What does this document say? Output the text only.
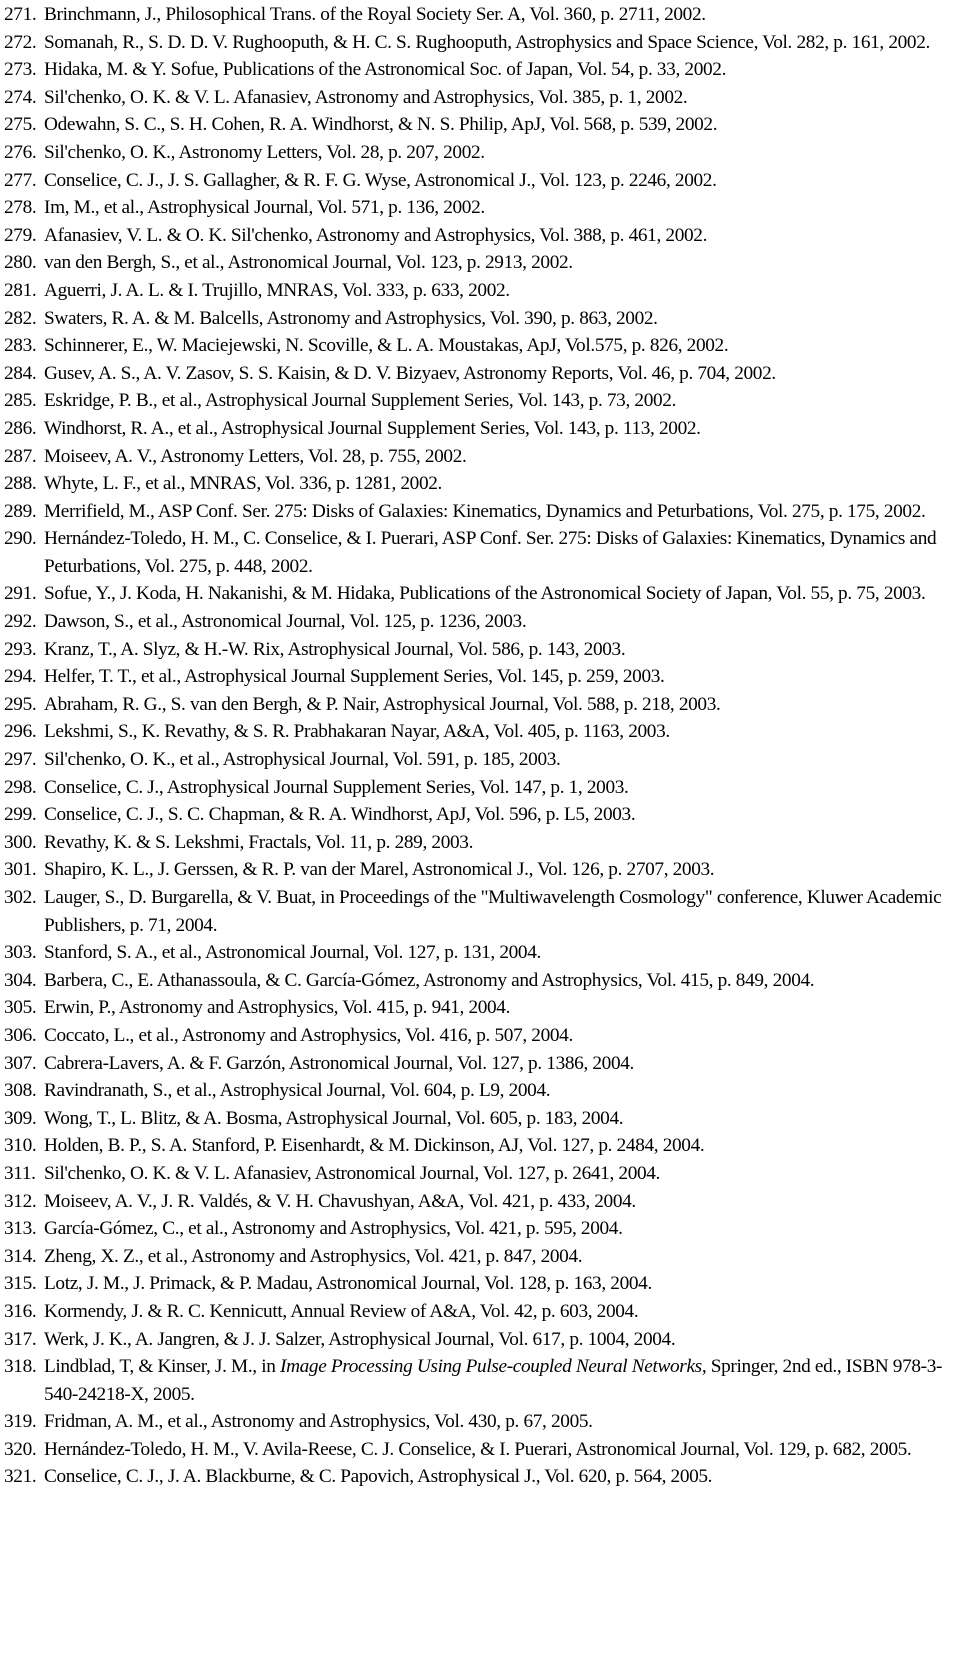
271. Brinchmann, J., Philosophical Trans. of the Royal Society Ser. A, Vol. 360, p. 2711, 2002.
272. Somanah, R., S. D. D. V. Rughooputh, & H. C. S. Rughooputh, Astrophysics and Space Science, Vol. 282, p. 161, 2002.
273. Hidaka, M. & Y. Sofue, Publications of the Astronomical Soc. of Japan, Vol. 54, p. 33, 2002.
274. Sil'chenko, O. K. & V. L. Afanasiev, Astronomy and Astrophysics, Vol. 385, p. 1, 2002.
275. Odewahn, S. C., S. H. Cohen, R. A. Windhorst, & N. S. Philip, ApJ, Vol. 568, p. 539, 2002.
276. Sil'chenko, O. K., Astronomy Letters, Vol. 28, p. 207, 2002.
277. Conselice, C. J., J. S. Gallagher, & R. F. G. Wyse, Astronomical J., Vol. 123, p. 2246, 2002.
278. Im, M., et al., Astrophysical Journal, Vol. 571, p. 136, 2002.
279. Afanasiev, V. L. & O. K. Sil'chenko, Astronomy and Astrophysics, Vol. 388, p. 461, 2002.
280. van den Bergh, S., et al., Astronomical Journal, Vol. 123, p. 2913, 2002.
281. Aguerri, J. A. L. & I. Trujillo, MNRAS, Vol. 333, p. 633, 2002.
282. Swaters, R. A. & M. Balcells, Astronomy and Astrophysics, Vol. 390, p. 863, 2002.
283. Schinnerer, E., W. Maciejewski, N. Scoville, & L. A. Moustakas, ApJ, Vol.575, p. 826, 2002.
284. Gusev, A. S., A. V. Zasov, S. S. Kaisin, & D. V. Bizyaev, Astronomy Reports, Vol. 46, p. 704, 2002.
285. Eskridge, P. B., et al., Astrophysical Journal Supplement Series, Vol. 143, p. 73, 2002.
286. Windhorst, R. A., et al., Astrophysical Journal Supplement Series, Vol. 143, p. 113, 2002.
287. Moiseev, A. V., Astronomy Letters, Vol. 28, p. 755, 2002.
288. Whyte, L. F., et al., MNRAS, Vol. 336, p. 1281, 2002.
289. Merrifield, M., ASP Conf. Ser. 275: Disks of Galaxies: Kinematics, Dynamics and Peturbations, Vol. 275, p. 175, 2002.
290. Hernández-Toledo, H. M., C. Conselice, & I. Puerari, ASP Conf. Ser. 275: Disks of Galaxies: Kinematics, Dynamics and Peturbations, Vol. 275, p. 448, 2002.
291. Sofue, Y., J. Koda, H. Nakanishi, & M. Hidaka, Publications of the Astronomical Society of Japan, Vol. 55, p. 75, 2003.
292. Dawson, S., et al., Astronomical Journal, Vol. 125, p. 1236, 2003.
293. Kranz, T., A. Slyz, & H.-W. Rix, Astrophysical Journal, Vol. 586, p. 143, 2003.
294. Helfer, T. T., et al., Astrophysical Journal Supplement Series, Vol. 145, p. 259, 2003.
295. Abraham, R. G., S. van den Bergh, & P. Nair, Astrophysical Journal, Vol. 588, p. 218, 2003.
296. Lekshmi, S., K. Revathy, & S. R. Prabhakaran Nayar, A&A, Vol. 405, p. 1163, 2003.
297. Sil'chenko, O. K., et al., Astrophysical Journal, Vol. 591, p. 185, 2003.
298. Conselice, C. J., Astrophysical Journal Supplement Series, Vol. 147, p. 1, 2003.
299. Conselice, C. J., S. C. Chapman, & R. A. Windhorst, ApJ, Vol. 596, p. L5, 2003.
300. Revathy, K. & S. Lekshmi, Fractals, Vol. 11, p. 289, 2003.
301. Shapiro, K. L., J. Gerssen, & R. P. van der Marel, Astronomical J., Vol. 126, p. 2707, 2003.
302. Lauger, S., D. Burgarella, & V. Buat, in Proceedings of the "Multiwavelength Cosmology" conference, Kluwer Academic Publishers, p. 71, 2004.
303. Stanford, S. A., et al., Astronomical Journal, Vol. 127, p. 131, 2004.
304. Barbera, C., E. Athanassoula, & C. García-Gómez, Astronomy and Astrophysics, Vol. 415, p. 849, 2004.
305. Erwin, P., Astronomy and Astrophysics, Vol. 415, p. 941, 2004.
306. Coccato, L., et al., Astronomy and Astrophysics, Vol. 416, p. 507, 2004.
307. Cabrera-Lavers, A. & F. Garzón, Astronomical Journal, Vol. 127, p. 1386, 2004.
308. Ravindranath, S., et al., Astrophysical Journal, Vol. 604, p. L9, 2004.
309. Wong, T., L. Blitz, & A. Bosma, Astrophysical Journal, Vol. 605, p. 183, 2004.
310. Holden, B. P., S. A. Stanford, P. Eisenhardt, & M. Dickinson, AJ, Vol. 127, p. 2484, 2004.
311. Sil'chenko, O. K. & V. L. Afanasiev, Astronomical Journal, Vol. 127, p. 2641, 2004.
312. Moiseev, A. V., J. R. Valdés, & V. H. Chavushyan, A&A, Vol. 421, p. 433, 2004.
313. García-Gómez, C., et al., Astronomy and Astrophysics, Vol. 421, p. 595, 2004.
314. Zheng, X. Z., et al., Astronomy and Astrophysics, Vol. 421, p. 847, 2004.
315. Lotz, J. M., J. Primack, & P. Madau, Astronomical Journal, Vol. 128, p. 163, 2004.
316. Kormendy, J. & R. C. Kennicutt, Annual Review of A&A, Vol. 42, p. 603, 2004.
317. Werk, J. K., A. Jangren, & J. J. Salzer, Astrophysical Journal, Vol. 617, p. 1004, 2004.
318. Lindblad, T, & Kinser, J. M., in Image Processing Using Pulse-coupled Neural Networks, Springer, 2nd ed., ISBN 978-3-540-24218-X, 2005.
319. Fridman, A. M., et al., Astronomy and Astrophysics, Vol. 430, p. 67, 2005.
320. Hernández-Toledo, H. M., V. Avila-Reese, C. J. Conselice, & I. Puerari, Astronomical Journal, Vol. 129, p. 682, 2005.
321. Conselice, C. J., J. A. Blackburne, & C. Papovich, Astrophysical J., Vol. 620, p. 564, 2005.
